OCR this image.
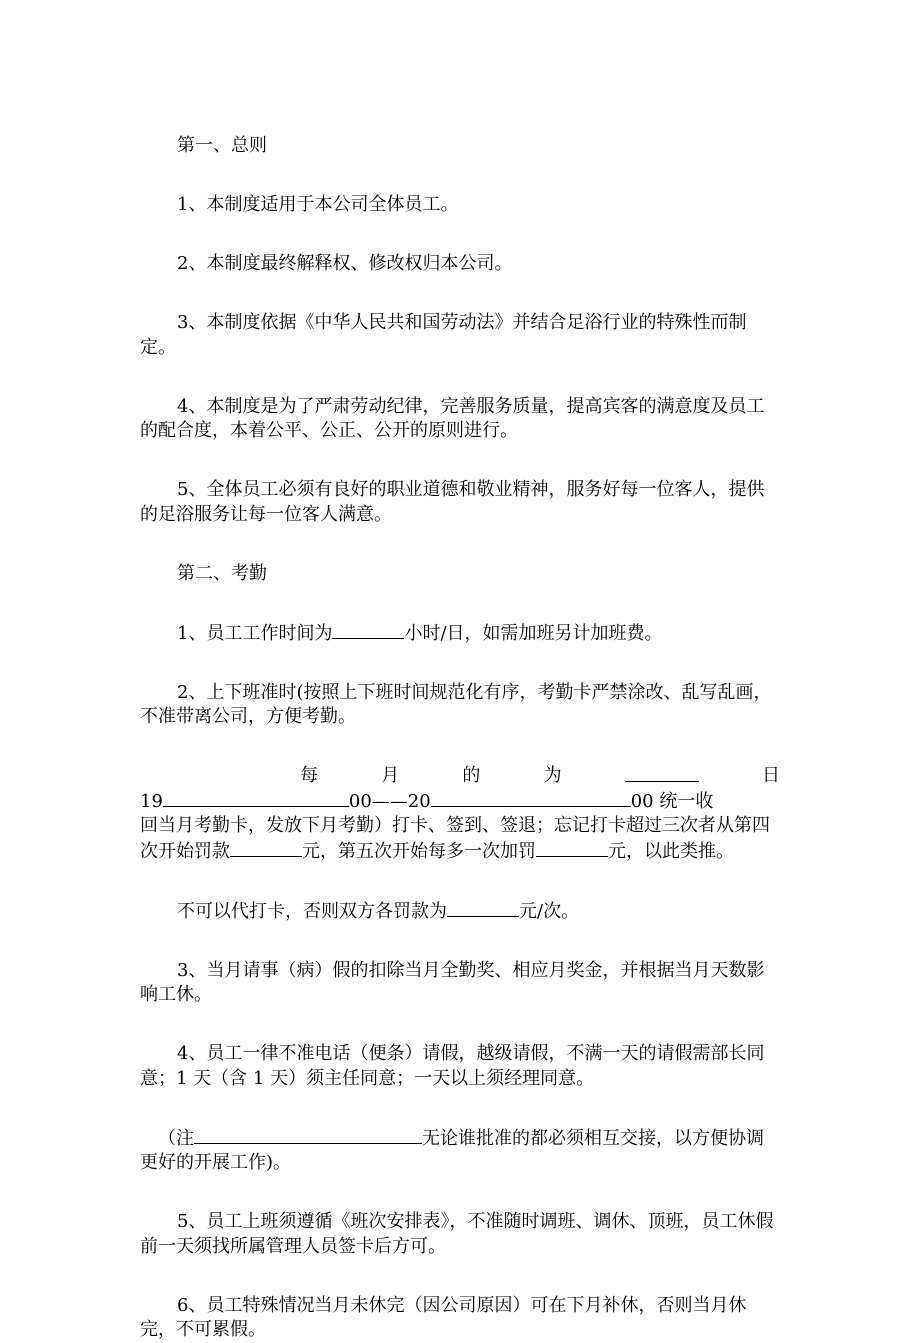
第一、总则

1、本制度适用于本公司全体员工。

2、本制度最终解释权、修改权归本公司。

3、本制度依据《中华人民共和国劳动法》并结合足浴行业的特殊性而制定。

4、本制度是为了严肃劳动纪律，完善服务质量，提高宾客的满意度及员工的配合度，本着公平、公正、公开的原则进行。

5、全体员工必须有良好的职业道德和敬业精神，服务好每一位客人，提供的足浴服务让每一位客人满意。

第二、考勤

1、员工工作时间为	小时/日，如需加班另计加班费。

2、上下班准时(按照上下班时间规范化有序，考勤卡严禁涂改、乱写乱画，不准带离公司，方便考勤。

每	月	的	为	日

19	00——20	00 统一收

回当月考勤卡，发放下月考勤）打卡、签到、签退；忘记打卡超过三次者从第四次开始罚款	元，第五次开始每多一次加罚	元，以此类推。

不可以代打卡，否则双方各罚款为	元/次。

3、当月请事（病）假的扣除当月全勤奖、相应月奖金，并根据当月天数影响工休。

4、员工一律不准电话（便条）请假，越级请假，不满一天的请假需部长同意；1 天（含 1 天）须主任同意；一天以上须经理同意。

（注	无论谁批准的都必须相互交接，以方便协调更好的开展工作)。

5、员工上班须遵循《班次安排表》，不准随时调班、调休、顶班，员工休假前一天须找所属管理人员签卡后方可。

6、员工特殊情况当月未休完（因公司原因）可在下月补休，否则当月休完，不可累假。
